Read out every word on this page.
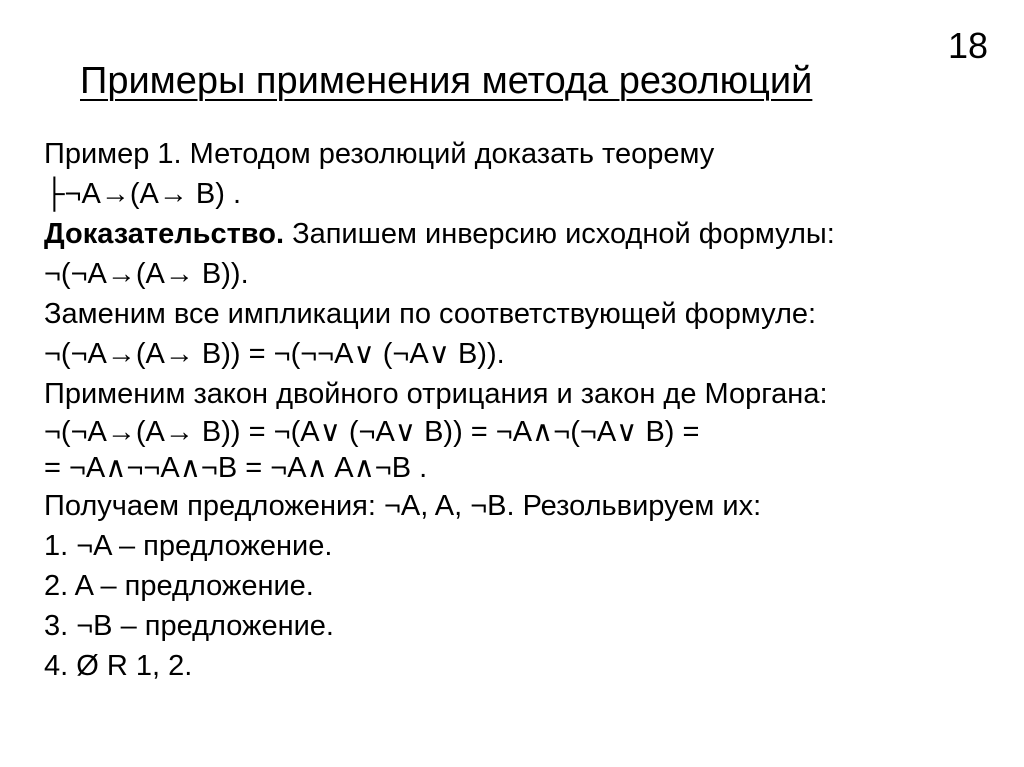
18
Примеры применения метода резолюций
Пример 1. Методом резолюций доказать теорему
├¬A→(A→ B) .
Доказательство. Запишем инверсию исходной формулы:
¬(¬A→(A→ B)).
Заменим все импликации по соответствующей формуле:
¬(¬A→(A→ B)) = ¬(¬¬A∨ (¬A∨ B)).
Применим закон двойного отрицания и закон де Моргана:
¬(¬A→(A→ B)) = ¬(A∨ (¬A∨ B)) = ¬A∧¬(¬A∨ B) =
= ¬A∧¬¬A∧¬B = ¬A∧ A∧¬B .
Получаем предложения: ¬A, A, ¬B. Резольвируем их:
1. ¬A – предложение.
2. A – предложение.
3. ¬B – предложение.
4. Ø R 1, 2.
